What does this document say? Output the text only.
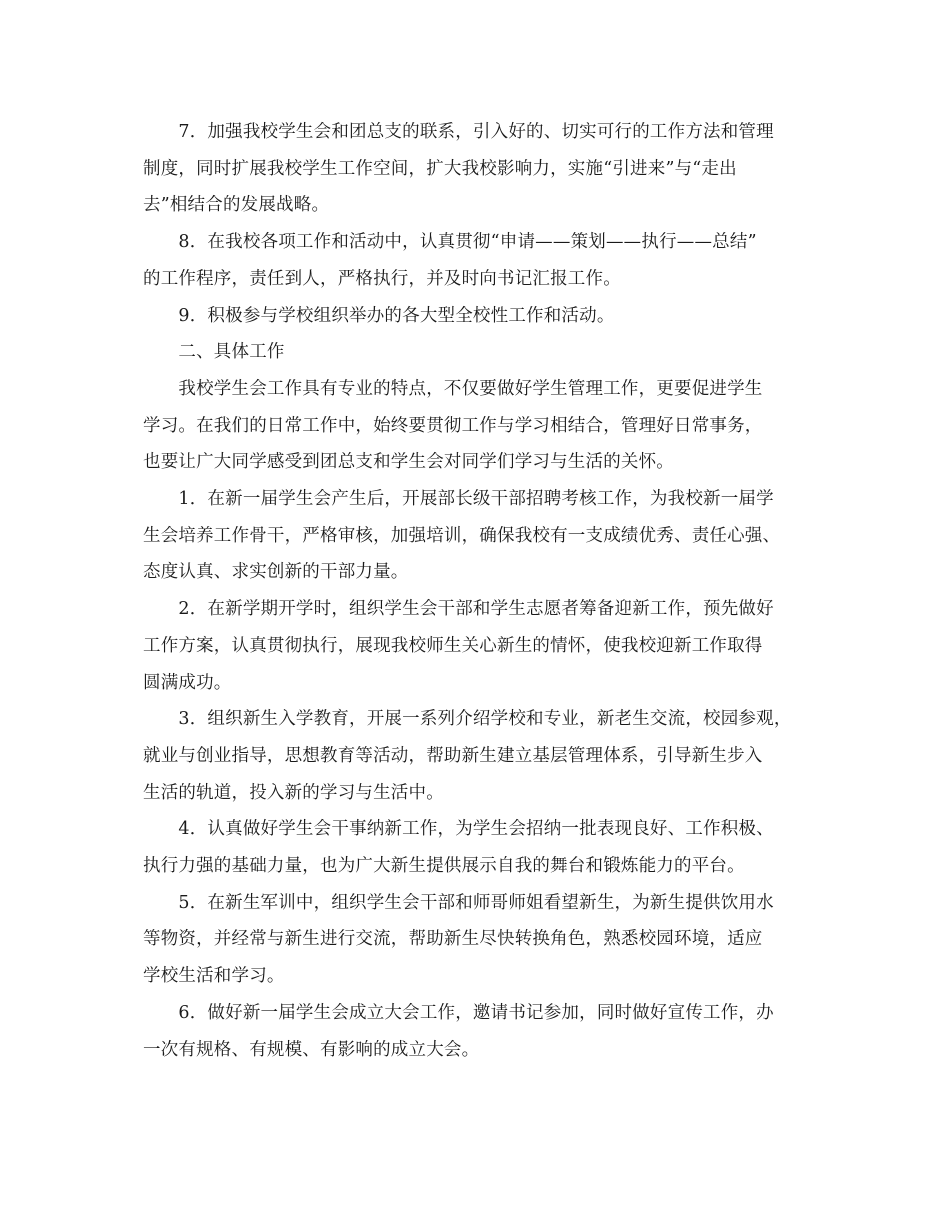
　　7．加强我校学生会和团总支的联系，引入好的、切实可行的工作方法和管理
制度，同时扩展我校学生工作空间，扩大我校影响力，实施“引进来”与“走出
去”相结合的发展战略。

　　8．在我校各项工作和活动中，认真贯彻“申请——策划——执行——总结”
的工作程序，责任到人，严格执行，并及时向书记汇报工作。

　　9．积极参与学校组织举办的各大型全校性工作和活动。

　　二、具体工作

　　我校学生会工作具有专业的特点，不仅要做好学生管理工作，更要促进学生
学习。在我们的日常工作中，始终要贯彻工作与学习相结合，管理好日常事务，
也要让广大同学感受到团总支和学生会对同学们学习与生活的关怀。

　　1．在新一届学生会产生后，开展部长级干部招聘考核工作，为我校新一届学
生会培养工作骨干，严格审核，加强培训，确保我校有一支成绩优秀、责任心强、
态度认真、求实创新的干部力量。

　　2．在新学期开学时，组织学生会干部和学生志愿者筹备迎新工作，预先做好
工作方案，认真贯彻执行，展现我校师生关心新生的情怀，使我校迎新工作取得
圆满成功。

　　3．组织新生入学教育，开展一系列介绍学校和专业，新老生交流，校园参观，
就业与创业指导，思想教育等活动，帮助新生建立基层管理体系，引导新生步入
生活的轨道，投入新的学习与生活中。

　　4．认真做好学生会干事纳新工作，为学生会招纳一批表现良好、工作积极、
执行力强的基础力量，也为广大新生提供展示自我的舞台和锻炼能力的平台。

　　5．在新生军训中，组织学生会干部和师哥师姐看望新生，为新生提供饮用水
等物资，并经常与新生进行交流，帮助新生尽快转换角色，熟悉校园环境，适应
学校生活和学习。

　　6．做好新一届学生会成立大会工作，邀请书记参加，同时做好宣传工作，办
一次有规格、有规模、有影响的成立大会。
